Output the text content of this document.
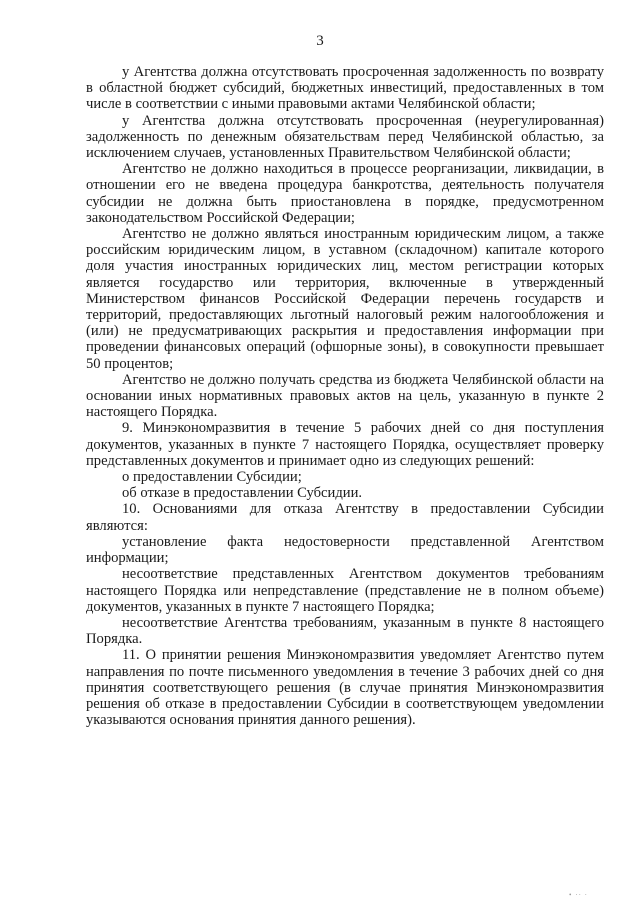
3

у Агентства должна отсутствовать просроченная задолженность по возврату в областной бюджет субсидий, бюджетных инвестиций, предоставленных в том числе в соответствии с иными правовыми актами Челябинской области;

у Агентства должна отсутствовать просроченная (неурегулированная) задолженность по денежным обязательствам перед Челябинской областью, за исключением случаев, установленных Правительством Челябинской области;

Агентство не должно находиться в процессе реорганизации, ликвидации, в отношении его не введена процедура банкротства, деятельность получателя субсидии не должна быть приостановлена в порядке, предусмотренном законодательством Российской Федерации;

Агентство не должно являться иностранным юридическим лицом, а также российским юридическим лицом, в уставном (складочном) капитале которого доля участия иностранных юридических лиц, местом регистрации которых является государство или территория, включенные в утвержденный Министерством финансов Российской Федерации перечень государств и территорий, предоставляющих льготный налоговый режим налогообложения и (или) не предусматривающих раскрытия и предоставления информации при проведении финансовых операций (офшорные зоны), в совокупности превышает 50 процентов;

Агентство не должно получать средства из бюджета Челябинской области на основании иных нормативных правовых актов на цель, указанную в пункте 2 настоящего Порядка.

9. Минэкономразвития в течение 5 рабочих дней со дня поступления документов, указанных в пункте 7 настоящего Порядка, осуществляет проверку представленных документов и принимает одно из следующих решений:

о предоставлении Субсидии;

об отказе в предоставлении Субсидии.

10. Основаниями для отказа Агентству в предоставлении Субсидии являются:

установление факта недостоверности представленной Агентством информации;

несоответствие представленных Агентством документов требованиям настоящего Порядка или непредставление (представление не в полном объеме) документов, указанных в пункте 7 настоящего Порядка;

несоответствие Агентства требованиям, указанным в пункте 8 настоящего Порядка.

11. О принятии решения Минэкономразвития уведомляет Агентство путем направления по почте письменного уведомления в течение 3 рабочих дней со дня принятия соответствующего решения (в случае принятия Минэкономразвития решения об отказе в предоставлении Субсидии в соответствующем уведомлении указываются основания принятия данного решения).

• ·· ·
